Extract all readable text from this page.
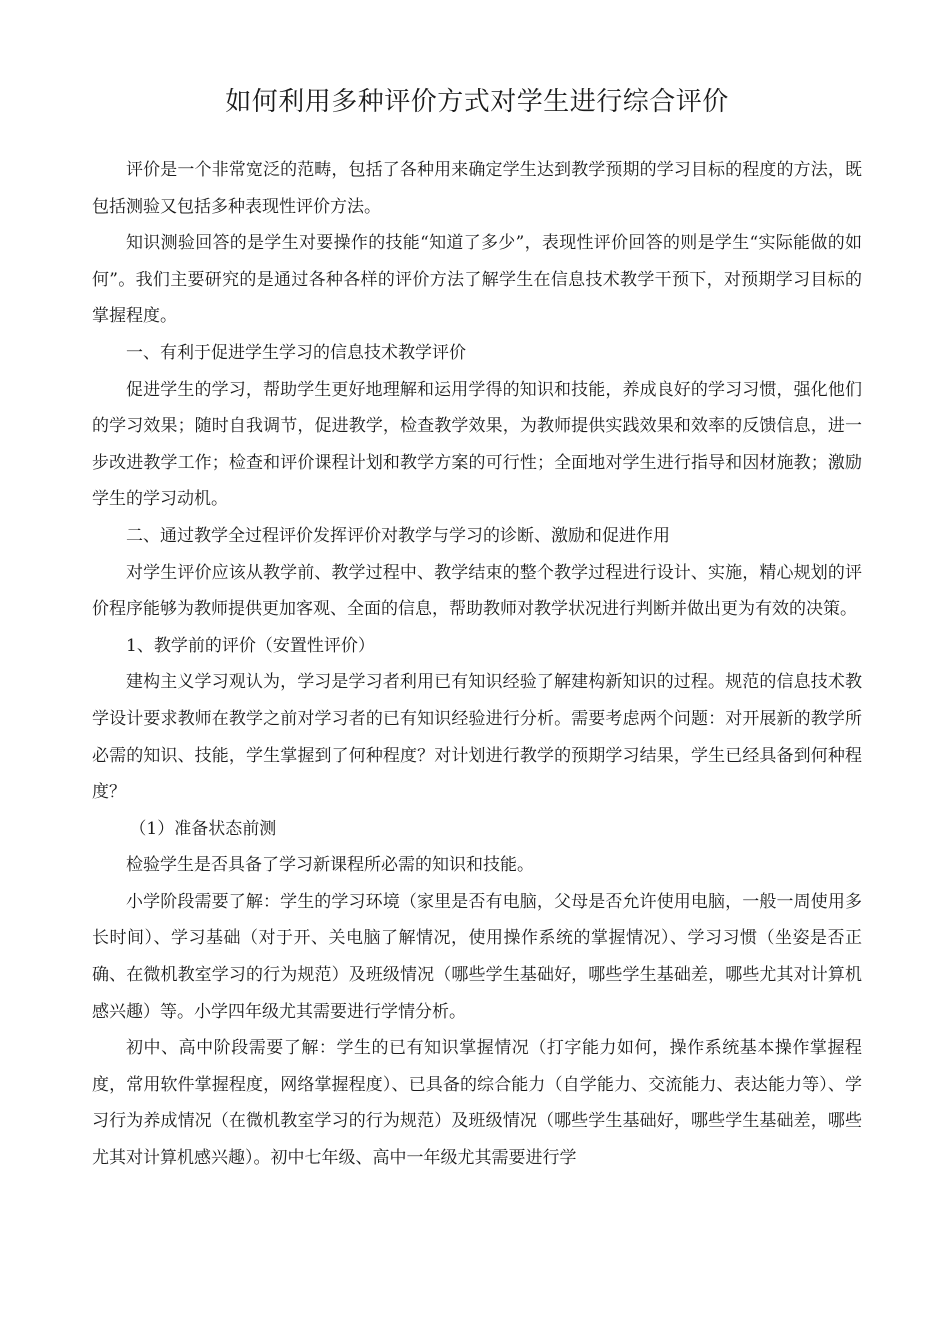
如何利用多种评价方式对学生进行综合评价

评价是一个非常宽泛的范畴，包括了各种用来确定学生达到教学预期的学习目标的程度的方法，既包括测验又包括多种表现性评价方法。

知识测验回答的是学生对要操作的技能“知道了多少”，表现性评价回答的则是学生“实际能做的如何”。我们主要研究的是通过各种各样的评价方法了解学生在信息技术教学干预下，对预期学习目标的掌握程度。

一、有利于促进学生学习的信息技术教学评价

促进学生的学习，帮助学生更好地理解和运用学得的知识和技能，养成良好的学习习惯，强化他们的学习效果；随时自我调节，促进教学，检查教学效果，为教师提供实践效果和效率的反馈信息，进一步改进教学工作；检查和评价课程计划和教学方案的可行性；全面地对学生进行指导和因材施教；激励学生的学习动机。

二、通过教学全过程评价发挥评价对教学与学习的诊断、激励和促进作用

对学生评价应该从教学前、教学过程中、教学结束的整个教学过程进行设计、实施，精心规划的评价程序能够为教师提供更加客观、全面的信息，帮助教师对教学状况进行判断并做出更为有效的决策。

1、教学前的评价（安置性评价）

建构主义学习观认为，学习是学习者利用已有知识经验了解建构新知识的过程。规范的信息技术教学设计要求教师在教学之前对学习者的已有知识经验进行分析。需要考虑两个问题：对开展新的教学所必需的知识、技能，学生掌握到了何种程度？对计划进行教学的预期学习结果，学生已经具备到何种程度？

（1）准备状态前测

检验学生是否具备了学习新课程所必需的知识和技能。

小学阶段需要了解：学生的学习环境（家里是否有电脑，父母是否允许使用电脑，一般一周使用多长时间）、学习基础（对于开、关电脑了解情况，使用操作系统的掌握情况）、学习习惯（坐姿是否正确、在微机教室学习的行为规范）及班级情况（哪些学生基础好，哪些学生基础差，哪些尤其对计算机感兴趣）等。小学四年级尤其需要进行学情分析。

初中、高中阶段需要了解：学生的已有知识掌握情况（打字能力如何，操作系统基本操作掌握程度，常用软件掌握程度，网络掌握程度）、已具备的综合能力（自学能力、交流能力、表达能力等）、学习行为养成情况（在微机教室学习的行为规范）及班级情况（哪些学生基础好，哪些学生基础差，哪些尤其对计算机感兴趣）。初中七年级、高中一年级尤其需要进行学
